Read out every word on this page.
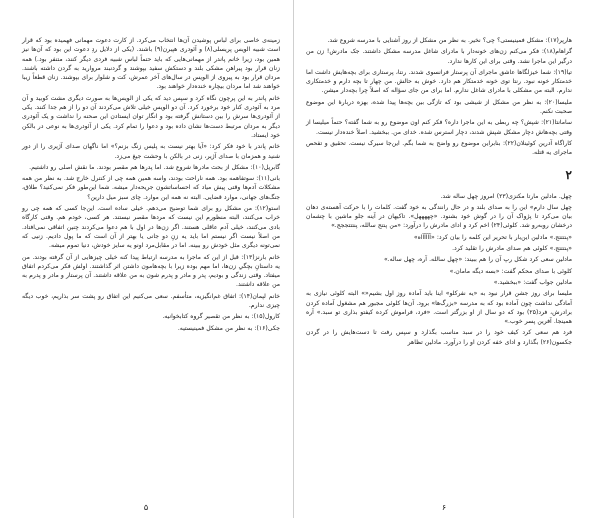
هارپر(۱۷): مشکل فمینیستی؟ چی؟ نخیر. به نظر من مشکل از روز آشنایی با مدرسه شروع شد.

گراهام(۱۸): فکر می‌کنم زن‌های خونه‌دار با مادرای شاغل مدرسه مشکل داشتند. جک مادرش! زن من درگیر این ماجرا نشد. وقتی برای این کارها ندارد.

تیا(۱۹): شما خیزلگاها عاشق ماجرای آن پرستار فرانسوی شدند. رنتا، پرستاری برای بچه‌هایش داشت اما خدمتکار خونه نبود. رنتا توی خونه خدمتکار هم دارد. خوش به حالش. من چهار تا بچه دارم و خدمتکاری ندارم. البته من مشکلی با مادرای شاغل ندارم. اما برای من جای سؤاله که اصلاً چرا بچه‌دار میشن.

ملیسا(۲۰): به نظر من مشکل از شیشی بود که تازگی بین بچه‌ها پیدا شده، بهزه دربارهٔ این موضوع صحبت نکنم.

سامانتا(۲۱): شپش؟ چه ربطی به این ماجرا داره؟ فکر کنم اون موضوع رو به شما گفته؟ حتماً میلیسا از وقتی بچه‌هاش دچار مشکل شپش شدند، دچار استرس شده. خدای من. ببخشید. اصلاً خنده‌دار نیست.

کاراگاه آدرین کوئینلان(۲۲): بنابراین موضوع رو واضح به شما بگم. این‌جا سیرک نیست. تحقیق و تفحص ماجرای یه قتله.

۲

چهل. مادلین مارتا مکنزی(۲۳) امروز چهل ساله شد.

چهل سال دارم» این را به صدای بلند و در حال رانندگی به خود گفت. کلمات را با حرکت آهسته‌ی دهان بیان می‌کرد تا پژواک آن را در گوش خود بشنود. «چههههل». تاکیهان در آینه جلو ماشین با چشمان درخشان روبه‌رو شد. کلوئی(۲۴) اخم کرد و ادای مادرش را درآورد: «من پنتج سالله، پنتتتججج.»

«پنتتتج.» مادلین این‌بار با تحریر این کلمه را بیان کرد: «آآآآآاه»

«پنتتتج.» کلوئی هم صدای مادرش را تقلید کرد.

مادلین سعی کرد شکل رپ آن را هم ببیند: «چهل سالله. آره، چهل ساله.»

کلوئی با صدای محکم گفت: «بسه دیگه مامان.»

مادلین جواب گفت: «ببخشید.»

ملیسا برای روز جشن قرار نبود به «یه نفرکلو» اینا باید آماده روز اول بشیم«» البته کلوئی نیازی به آمادگی نداشت چون آماده بود که به مدرسه «بزرگ‌ها» برود. آن‌ها کلوئی مجبور هم مشغول آماده کردن برادرش، فرد(۲۵) بود که دو سال از او بزرگتر است. «فرد، فراموش کرده کیفتو بذاری تو سبد.» آره همینجا. آفرین پسر خوب.»

فرد هم سعی کرد کیف خود را در سبد مناسب بگذارد و سپس رفت تا دست‌هایش را در گردن جکسون(۲۶) بگذارد و ادای خفه کردن او را درآورد. مادلین تظاهر

۶

زمینه‌ی خاصی برای لباس پوشیدن آن‌ها انتخاب می‌کرد. از کارت دعوت مهمانی فهمیده بود که قرار است شبیه الویس پریسلی(۸) و آئودری هپبرن(۹) باشند. (یکی از دلایل ردِ دعوت این بود که آن‌ها نیز همین بود، زیرا خانم پاندر از مهمانی‌هایی که باید حتماً لباس شبیه فردی دیگر کنند، متنفر بود.) همه زنان قرار بود پیراهن مشکی بلند و دستکش سفید بپوشند و گردنبند مروارید به گردن داشته باشند. مردان قرار بود به پیروی از الویس در سال‌های آخر عمرش، کت و شلوار برای بپوشند. زنان قطعاً زیبا خواهند شد اما مردان بیچاره خنده‌دار خواهند بود.

خانم پاندر به این پرچون نگاه کرد و سپس دید که یکی از الویس‌ها به صورت دیگری مشت کوبید و آن مرد به آئودری کنار خود برخورد کرد. آن دو الویس خیلی تلاش می‌کردند آن دو را از هم جدا کنند. یکی از آئودری‌ها سرش را بین دستانش گرفته بود و انگار توان ایستادن این صحنه را نداشت و یک آئودری دیگر به مردان مرتبط دست‌ها نشان داده بود و دعوا را تمام کرد. یکی از آئودری‌ها به نوعی در بالکن خود ایستاد.

خانم پاندر با خود فکر کرد: «آیا بهتر نیست به پلیس زنگ بزنم؟» اما ناگهان صدای آژیری را از دور شنید و همزمان با صدای آژیر، زنی در بالکن با وحشت جیغ می‌زد.

گابریل(۱۰): مشکل از بحث مادرها شروع شد. اما پدرها هم مقصر بودند. ما نقش اصلی رو داشتیم.

بانی(۱۱): سوتفاهمه بود. همه ناراحت بودند، واسه همین همه چی از کنترل خارج شد. به نظر من همه مشکلات آدم‌ها وقتی پیش میاد که احساساتشون جریحه‌دار میشه. شما این‌طور فکر نمی‌کنید؟ طلاق، جنگ‌های جهانی، موارد قضایی. البته نه همه این موارد. چای سبز میل دارین؟

استو(۱۲): من مشکل رو برای شما توضیح می‌دهم. خیلی ساده است. این‌جا کسی که همه چی رو خراب می‌کنند، البته منظورم این نیست که مردها مقصر نیستند. هر کسی، خودم هم. وقتی کارگاه بادی می‌کنند، خیلی آدم عاقلی هستند. اگر زن‌ها در اول با هم دعوا می‌کردند چنین اتفاقی نمی‌افتاد. من اصلاً نیست اگر نیستم اما باید یه زنِ دو جانی یا بهتر از آن است که ما پول دادیم. زنیی که نمی‌تونه دیگری مثل خودش رو ببینه. اما در مقابل‌مرد اونو یه سایز خودش، دنیا تموم میشه.

خانم بارنز(۱۳): قبل از این که ماجرا به مدرسه ارتباط پیدا کنه خیلی چیزهایی از آن گرفته بودند. من یه داستانِ بچگیِ زن‌ها، اما مهم بوده زیرا با بچه‌هامون داشتن اثر گذاشتند. اولش فکر می‌کردم اتفاق میفتاد. وقتی زندگی و بودیم، پدر و مادر و پدرم شون به من علاقه داشتند. آن پرستار و مادر و پدرم به من علاقه داشتند.

خانم لپمان(۱۴): اتفاق غم‌انگیزیه، متأسفم. سعی می‌کنیم این اتفاق رو پشت سر بذاریم، خوب دیگه چیزی ندارم.

کارول(۱۵): به نظر من تقصیر گروه کتابخوانیه.

جکی(۱۶): به نظر من مشکل فمینیستیه.

۵
